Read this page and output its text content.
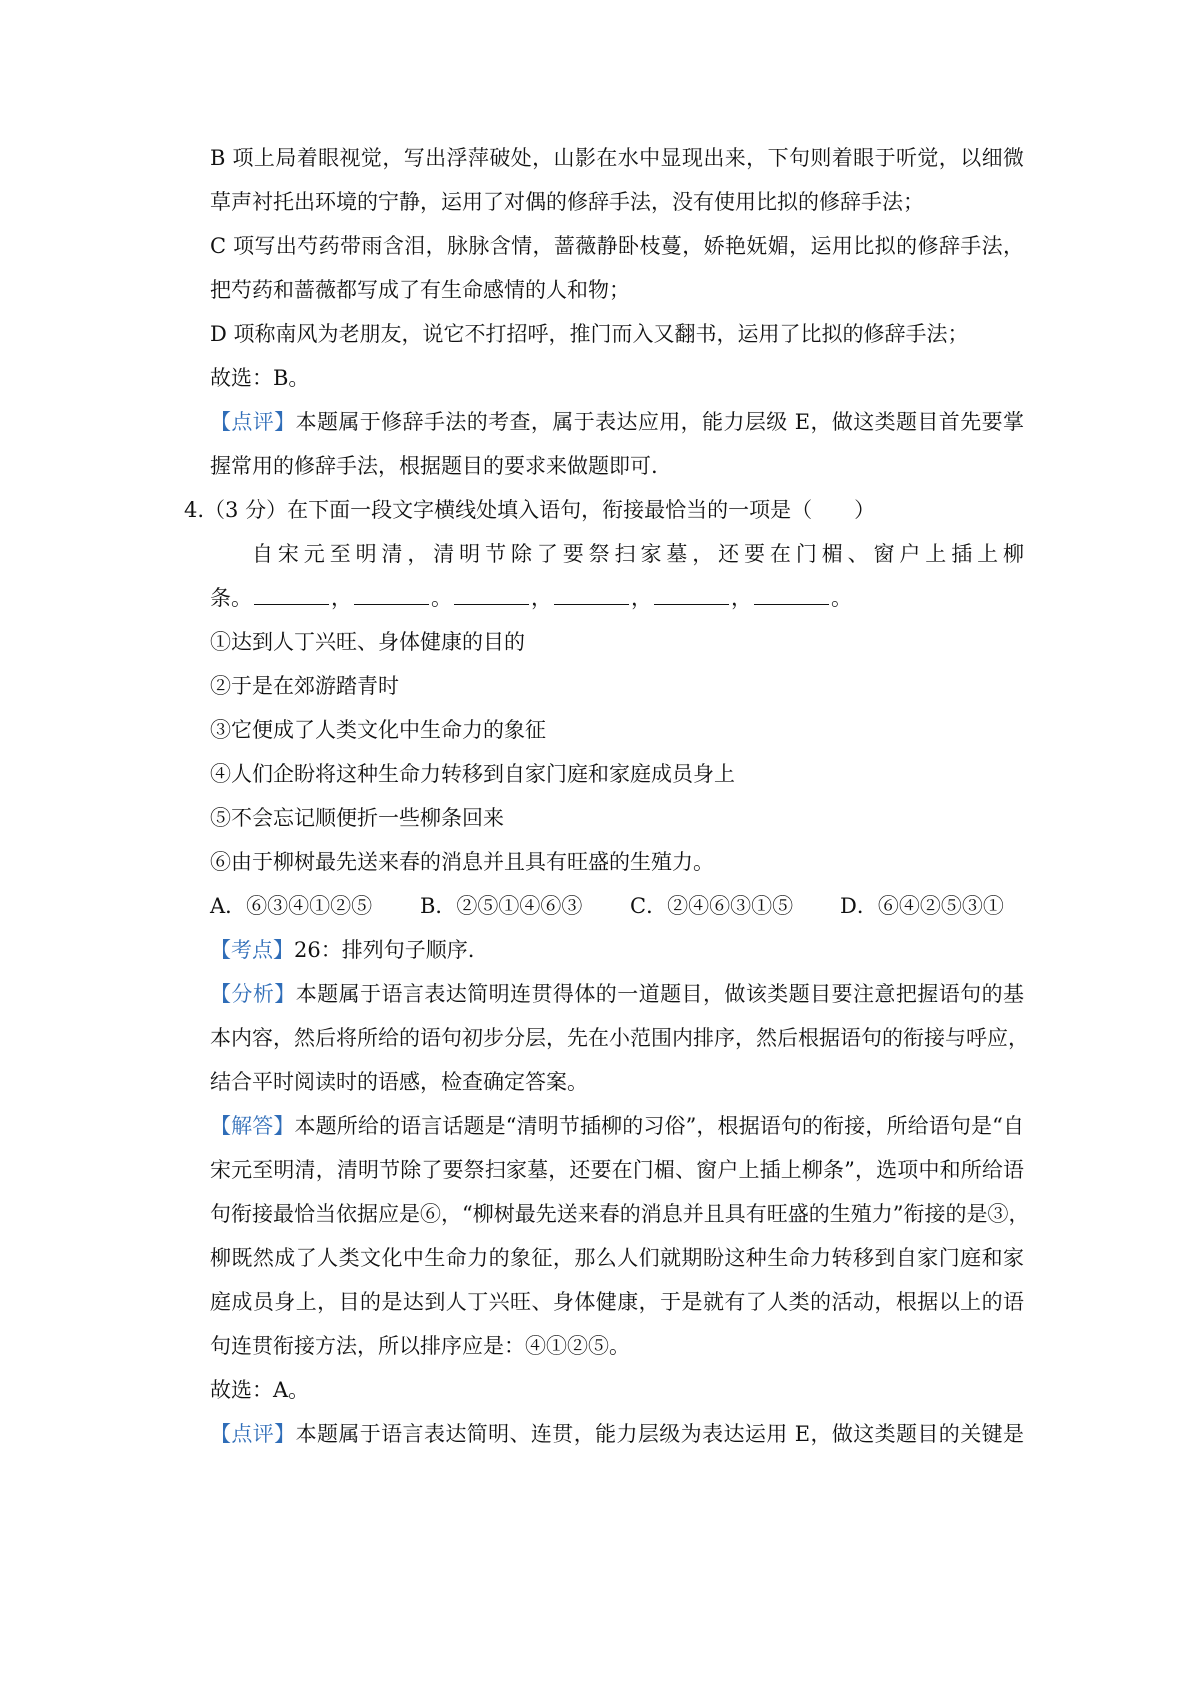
B 项上局着眼视觉，写出浮萍破处，山影在水中显现出来，下句则着眼于听觉，以细微
草声衬托出环境的宁静，运用了对偶的修辞手法，没有使用比拟的修辞手法；
C 项写出芍药带雨含泪，脉脉含情，蔷薇静卧枝蔓，娇艳妩媚，运用比拟的修辞手法，
把芍药和蔷薇都写成了有生命感情的人和物；
D 项称南风为老朋友，说它不打招呼，推门而入又翻书，运用了比拟的修辞手法；
故选：B。
【点评】本题属于修辞手法的考查，属于表达应用，能力层级 E，做这类题目首先要掌
握常用的修辞手法，根据题目的要求来做题即可.
4.（3 分）在下面一段文字横线处填入语句，衔接最恰当的一项是（　　）
自宋元至明清，清明节除了要祭扫家墓，还要在门楣、窗户上插上柳
条。	，	。	，	，	，	。
①达到人丁兴旺、身体健康的目的
②于是在郊游踏青时
③它便成了人类文化中生命力的象征
④人们企盼将这种生命力转移到自家门庭和家庭成员身上
⑤不会忘记顺便折一些柳条回来
⑥由于柳树最先送来春的消息并且具有旺盛的生殖力。
A．⑥③④①②⑤ B．②⑤①④⑥③ C．②④⑥③①⑤ D．⑥④②⑤③①
【考点】26：排列句子顺序.
【分析】本题属于语言表达简明连贯得体的一道题目，做该类题目要注意把握语句的基
本内容，然后将所给的语句初步分层，先在小范围内排序，然后根据语句的衔接与呼应，
结合平时阅读时的语感，检查确定答案。
【解答】本题所给的语言话题是“清明节插柳的习俗”，根据语句的衔接，所给语句是“自
宋元至明清，清明节除了要祭扫家墓，还要在门楣、窗户上插上柳条”，选项中和所给语
句衔接最恰当依据应是⑥，“柳树最先送来春的消息并且具有旺盛的生殖力”衔接的是③，
柳既然成了人类文化中生命力的象征，那么人们就期盼这种生命力转移到自家门庭和家
庭成员身上，目的是达到人丁兴旺、身体健康，于是就有了人类的活动，根据以上的语
句连贯衔接方法，所以排序应是：④①②⑤。
故选：A。
【点评】本题属于语言表达简明、连贯，能力层级为表达运用 E，做这类题目的关键是
